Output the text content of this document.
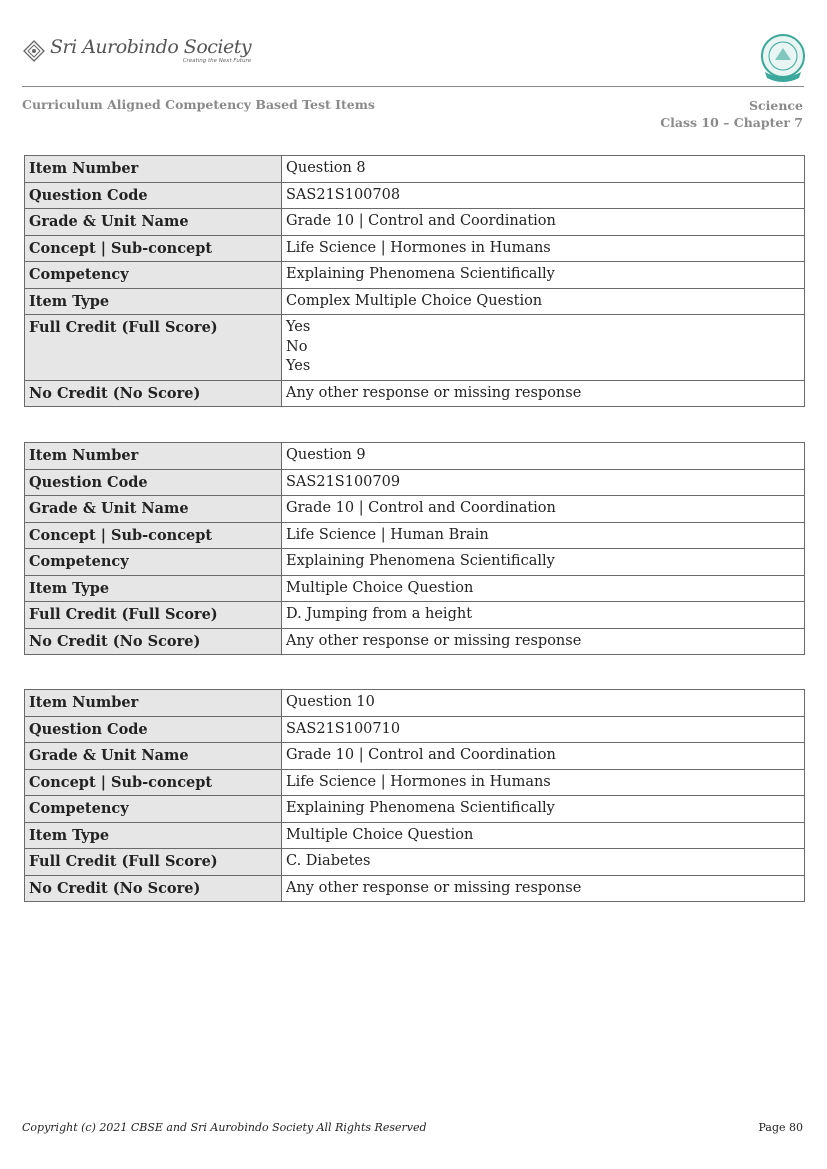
Sri Aurobindo Society
Creating the Next Future
Curriculum Aligned Competency Based Test Items	Science
Class 10 – Chapter 7
Item Number	Question 8
Question Code	SAS21S100708
Grade & Unit Name	Grade 10 | Control and Coordination
Concept | Sub-concept	Life Science | Hormones in Humans
Competency	Explaining Phenomena Scientifically
Item Type	Complex Multiple Choice Question
Full Credit (Full Score)	Yes
No
Yes

No Credit (No Score)	Any other response or missing response
Item Number	Question 9
Question Code	SAS21S100709
Grade & Unit Name	Grade 10 | Control and Coordination
Concept | Sub-concept	Life Science | Human Brain
Competency	Explaining Phenomena Scientifically
Item Type	Multiple Choice Question
Full Credit (Full Score)	D. Jumping from a height
No Credit (No Score)	Any other response or missing response
Item Number	Question 10
Question Code	SAS21S100710
Grade & Unit Name	Grade 10 | Control and Coordination
Concept | Sub-concept	Life Science | Hormones in Humans
Competency	Explaining Phenomena Scientifically
Item Type	Multiple Choice Question
Full Credit (Full Score)	C. Diabetes
No Credit (No Score)	Any other response or missing response
Copyright (c) 2021 CBSE and Sri Aurobindo Society All Rights Reserved	Page 80
